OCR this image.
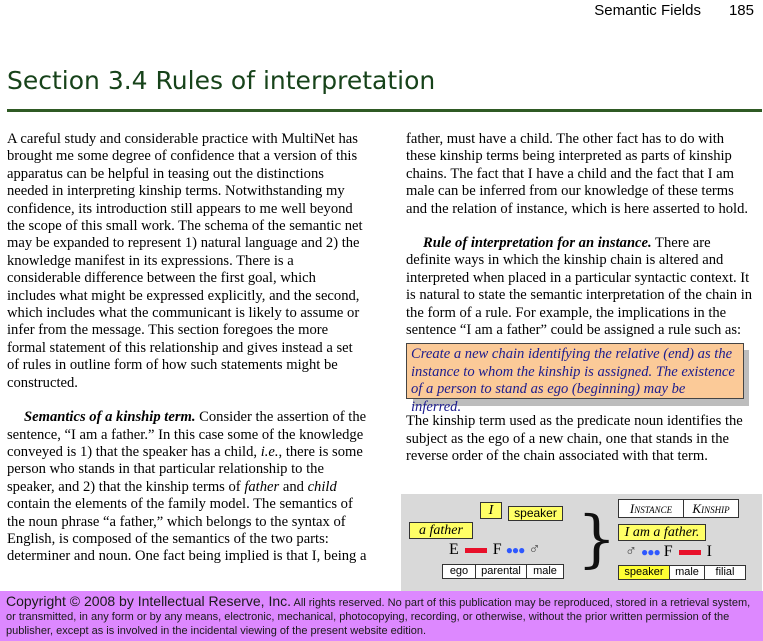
Semantic Fields 185
Section 3.4 Rules of interpretation

A careful study and considerable practice with MultiNet has brought me some degree of confidence that a version of this apparatus can be helpful in teasing out the distinctions needed in interpreting kinship terms. Notwithstanding my confidence, its introduction still appears to me well beyond the scope of this small work. The schema of the semantic net may be expanded to represent 1) natural language and 2) the knowledge manifest in its expressions. There is a considerable difference between the first goal, which includes what might be expressed explicitly, and the second, which includes what the communicant is likely to assume or infer from the message. This section foregoes the more formal statement of this relationship and gives instead a set of rules in outline form of how such statements might be constructed.

Semantics of a kinship term. Consider the assertion of the sentence, “I am a father.” In this case some of the knowledge conveyed is 1) that the speaker has a child, i.e., there is some person who stands in that particular relationship to the speaker, and 2) that the kinship terms of father and child contain the elements of the family model. The semantics of the noun phrase “a father,” which belongs to the syntax of English, is composed of the semantics of the two parts: determiner and noun. One fact being implied is that I, being a

father, must have a child. The other fact has to do with these kinship terms being interpreted as parts of kinship chains. The fact that I have a child and the fact that I am male can be inferred from our knowledge of these terms and the relation of instance, which is here asserted to hold.

Rule of interpretation for an instance. There are definite ways in which the kinship chain is altered and interpreted when placed in a particular syntactic context. It is natural to state the semantic interpretation of the chain in the form of a rule. For example, the implications in the sentence “I am a father” could be assigned a rule such as:

Create a new chain identifying the relative (end) as the instance to whom the kinship is assigned. The existence of a person to stand as ego (beginning) may be inferred.

The kinship term used as the predicate noun identifies the subject as the ego of a new chain, one that stands in the reverse order of the chain associated with that term.

I	speaker
a father
E F ●●● ♂
ego	parental	male }	Instance	Kinship
I am a father.
♂ ●●● F I
speaker	male	filial
Copyright © 2008 by Intellectual Reserve, Inc. All rights reserved. No part of this publication may be reproduced, stored in a retrieval system, or transmitted, in any form or by any means, electronic, mechanical, photocopying, recording, or otherwise, without the prior written permission of the publisher, except as is involved in the incidental viewing of the present website edition.
